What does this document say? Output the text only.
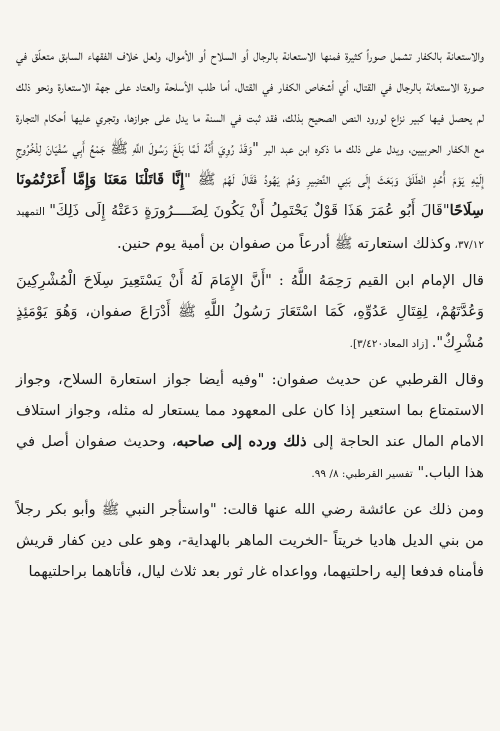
والاستعانة بالكفار تشمل صوراً كثيرة فمنها الاستعانة بالرجال أو السلاح أو الأموال، ولعل خلاف الفقهاء السابق متعلّق في صورة الاستعانة بالرجال في القتال، أي أشخاص الكفار في القتال، أما طلب الأسلحة والعتاد على جهة الاستعارة ونحو ذلك لم يحصل فيها كبير نزاع لورود النص الصحيح بذلك، فقد ثبت في السنة ما يدل على جوازها، وتجري عليها أحكام التجارة مع الكفار الحربيين، ويدل على ذلك ما ذكره ابن عبد البر "وَقَدْ رُوِيَ أَنَّهُ لَمَّا بَلَغَ رَسُولَ اللَّهِ ﷺ جَمْعُ أَبِي سُفْيَانَ لِلْخُرُوجِ إِلَيْهِ يَوْمَ أُحُدٍ انْطَلَقَ وَبَعَثَ إِلَى بَنِي النَّضِيرِ وَهُمْ يَهُودُ فَقَالَ لَهُمْ ﷺ "إِنَّا قَاتَلْنَا مَعَنَا وَإِمَّا أَعَرْتُمُونَا سِلَاحًا"قَالَ أَبُو عُمَرَ هَذَا قَوْلٌ يَحْتَمِلُ أَنْ يَكُونَ لِضَــــرُورَةٍ دَعَتْهُ إِلَى ذَلِكَ" التمهيد ٣٧/١٢، وكذلك استعارته ﷺ أدرعاً من صفوان بن أمية يوم حنين.

قال الإمام ابن القيم رَحِمَهُ اللَّهُ : "أَنَّ الإِمَامَ لَهُ أَنْ يَسْتَعِيرَ سِلَاحَ الْمُشْرِكِينَ وَعُدَّتَهُمْ، لِقِتَالِ عَدُوِّهِ، كَمَا اسْتَعَارَ رَسُولُ اللَّهِ ﷺ أَدْرَاعَ صفوان، وَهُوَ يَوْمَئِذٍ مُشْرِكٌ". [زاد المعاد٣/٤٢٠].

وقال القرطبي عن حديث صفوان: "وفيه أيضا جواز استعارة السلاح، وجواز الاستمتاع بما استعير إذا كان على المعهود مما يستعار له مثله، وجواز استلاف الامام المال عند الحاجة إلى ذلك ورده إلى صاحبه، وحديث صفوان أصل في هذا الباب." تفسير القرطبي: ٨/ ٩٩.

ومن ذلك عن عائشة رضي الله عنها قالت: "واستأجر النبي ﷺ وأبو بكر رجلاً من بني الديل هاديا خريتاً -الخريت الماهر بالهداية-، وهو على دين كفار قريش فأمناه فدفعا إليه راحلتيهما، وواعداه غار ثور بعد ثلاث ليال، فأتاهما براحلتيهما
